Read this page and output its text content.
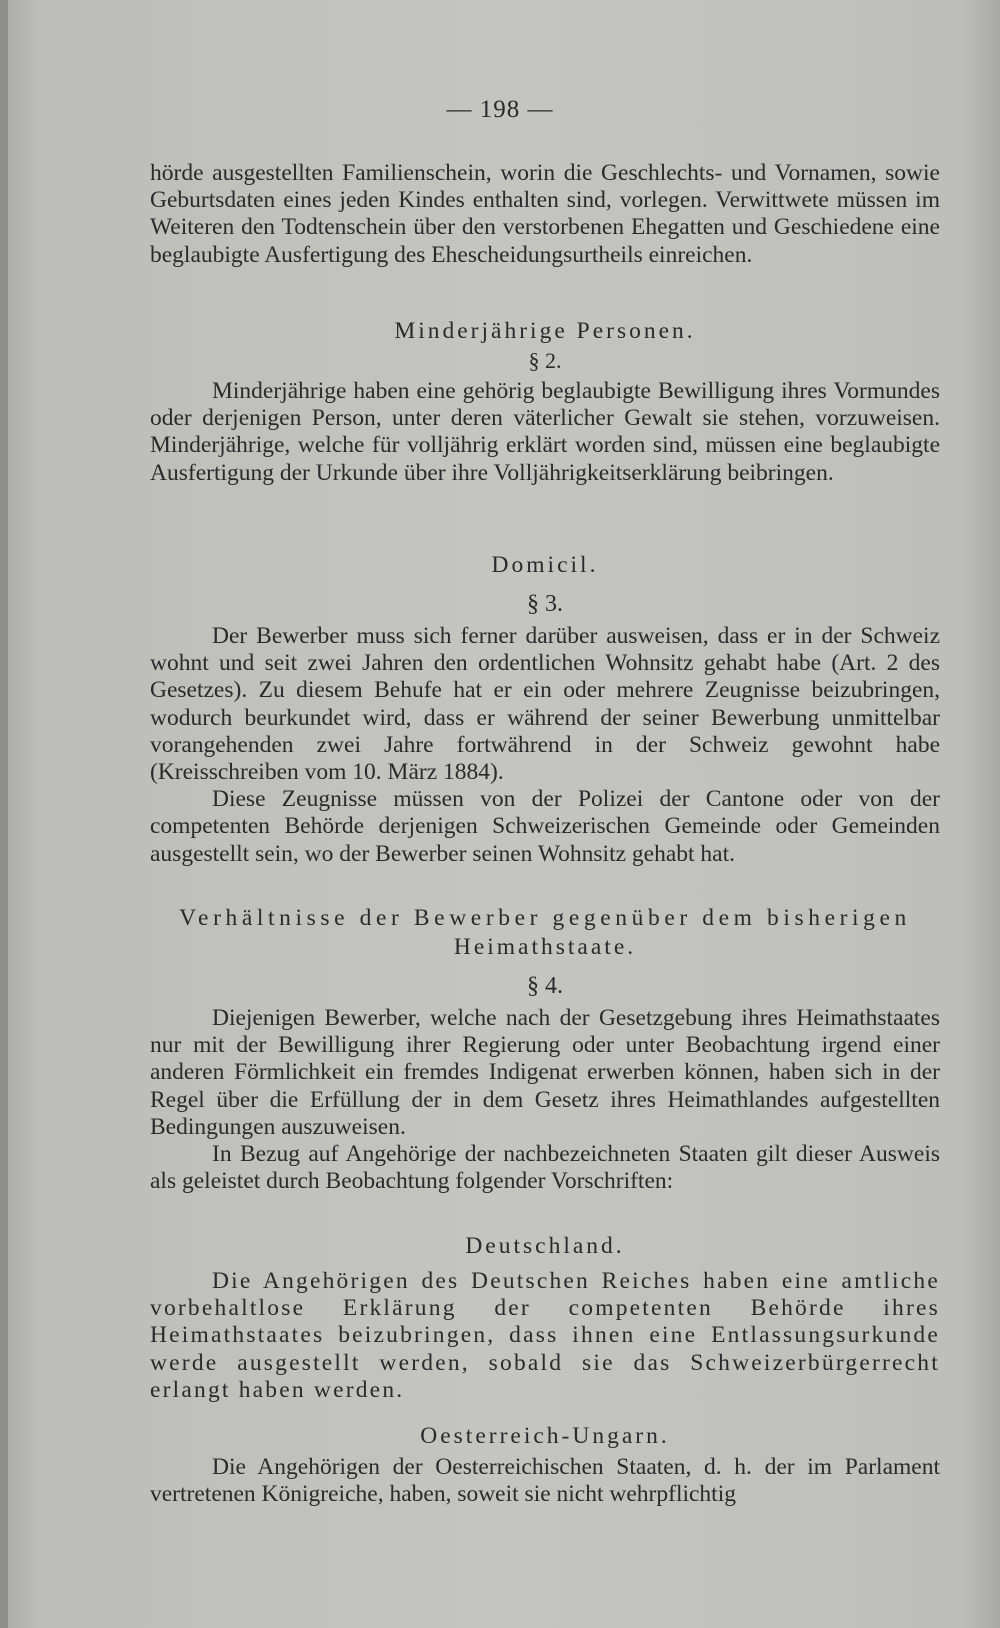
— 198 —

hörde ausgestellten Familienschein, worin die Geschlechts- und Vornamen, sowie Geburtsdaten eines jeden Kindes enthalten sind, vorlegen. Verwittwete müssen im Weiteren den Todtenschein über den verstorbenen Ehegatten und Geschiedene eine beglaubigte Ausfertigung des Ehescheidungsurtheils einreichen.

Minderjährige Personen.
§ 2.

Minderjährige haben eine gehörig beglaubigte Bewilligung ihres Vormundes oder derjenigen Person, unter deren väterlicher Gewalt sie stehen, vorzuweisen. Minderjährige, welche für volljährig erklärt worden sind, müssen eine beglaubigte Ausfertigung der Urkunde über ihre Volljährigkeitserklärung beibringen.

Domicil.
§ 3.

Der Bewerber muss sich ferner darüber ausweisen, dass er in der Schweiz wohnt und seit zwei Jahren den ordentlichen Wohnsitz gehabt habe (Art. 2 des Gesetzes). Zu diesem Behufe hat er ein oder mehrere Zeugnisse beizubringen, wodurch beurkundet wird, dass er während der seiner Bewerbung unmittelbar vorangehenden zwei Jahre fortwährend in der Schweiz gewohnt habe (Kreisschreiben vom 10. März 1884).

Diese Zeugnisse müssen von der Polizei der Cantone oder von der competenten Behörde derjenigen Schweizerischen Gemeinde oder Gemeinden ausgestellt sein, wo der Bewerber seinen Wohnsitz gehabt hat.

Verhältnisse der Bewerber gegenüber dem bisherigen
Heimathstaate.
§ 4.

Diejenigen Bewerber, welche nach der Gesetzgebung ihres Heimathstaates nur mit der Bewilligung ihrer Regierung oder unter Beobachtung irgend einer anderen Förmlichkeit ein fremdes Indigenat erwerben können, haben sich in der Regel über die Erfüllung der in dem Gesetz ihres Heimathlandes aufgestellten Bedingungen auszuweisen.

In Bezug auf Angehörige der nachbezeichneten Staaten gilt dieser Ausweis als geleistet durch Beobachtung folgender Vorschriften:

Deutschland.

Die Angehörigen des Deutschen Reiches haben eine amtliche vorbehaltlose Erklärung der competenten Behörde ihres Heimathstaates beizubringen, dass ihnen eine Entlassungsurkunde werde ausgestellt werden, sobald sie das Schweizerbürgerrecht erlangt haben werden.

Oesterreich-Ungarn.

Die Angehörigen der Oesterreichischen Staaten, d. h. der im Parlament vertretenen Königreiche, haben, soweit sie nicht wehrpflichtig
